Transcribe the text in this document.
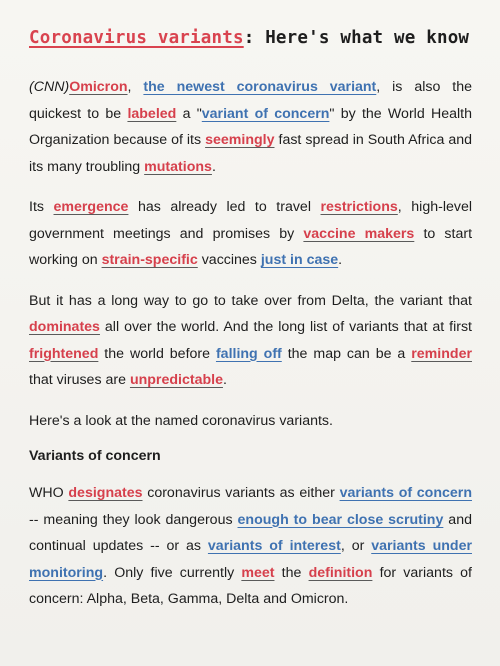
Coronavirus variants: Here's what we know

(CNN)Omicron, the newest coronavirus variant, is also the quickest to be labeled a "variant of concern" by the World Health Organization because of its seemingly fast spread in South Africa and its many troubling mutations.

Its emergence has already led to travel restrictions, high-level government meetings and promises by vaccine makers to start working on strain-specific vaccines just in case.

But it has a long way to go to take over from Delta, the variant that dominates all over the world. And the long list of variants that at first frightened the world before falling off the map can be a reminder that viruses are unpredictable.

Here's a look at the named coronavirus variants.

Variants of concern

WHO designates coronavirus variants as either variants of concern -- meaning they look dangerous enough to bear close scrutiny and continual updates -- or as variants of interest, or variants under monitoring. Only five currently meet the definition for variants of concern: Alpha, Beta, Gamma, Delta and Omicron.
